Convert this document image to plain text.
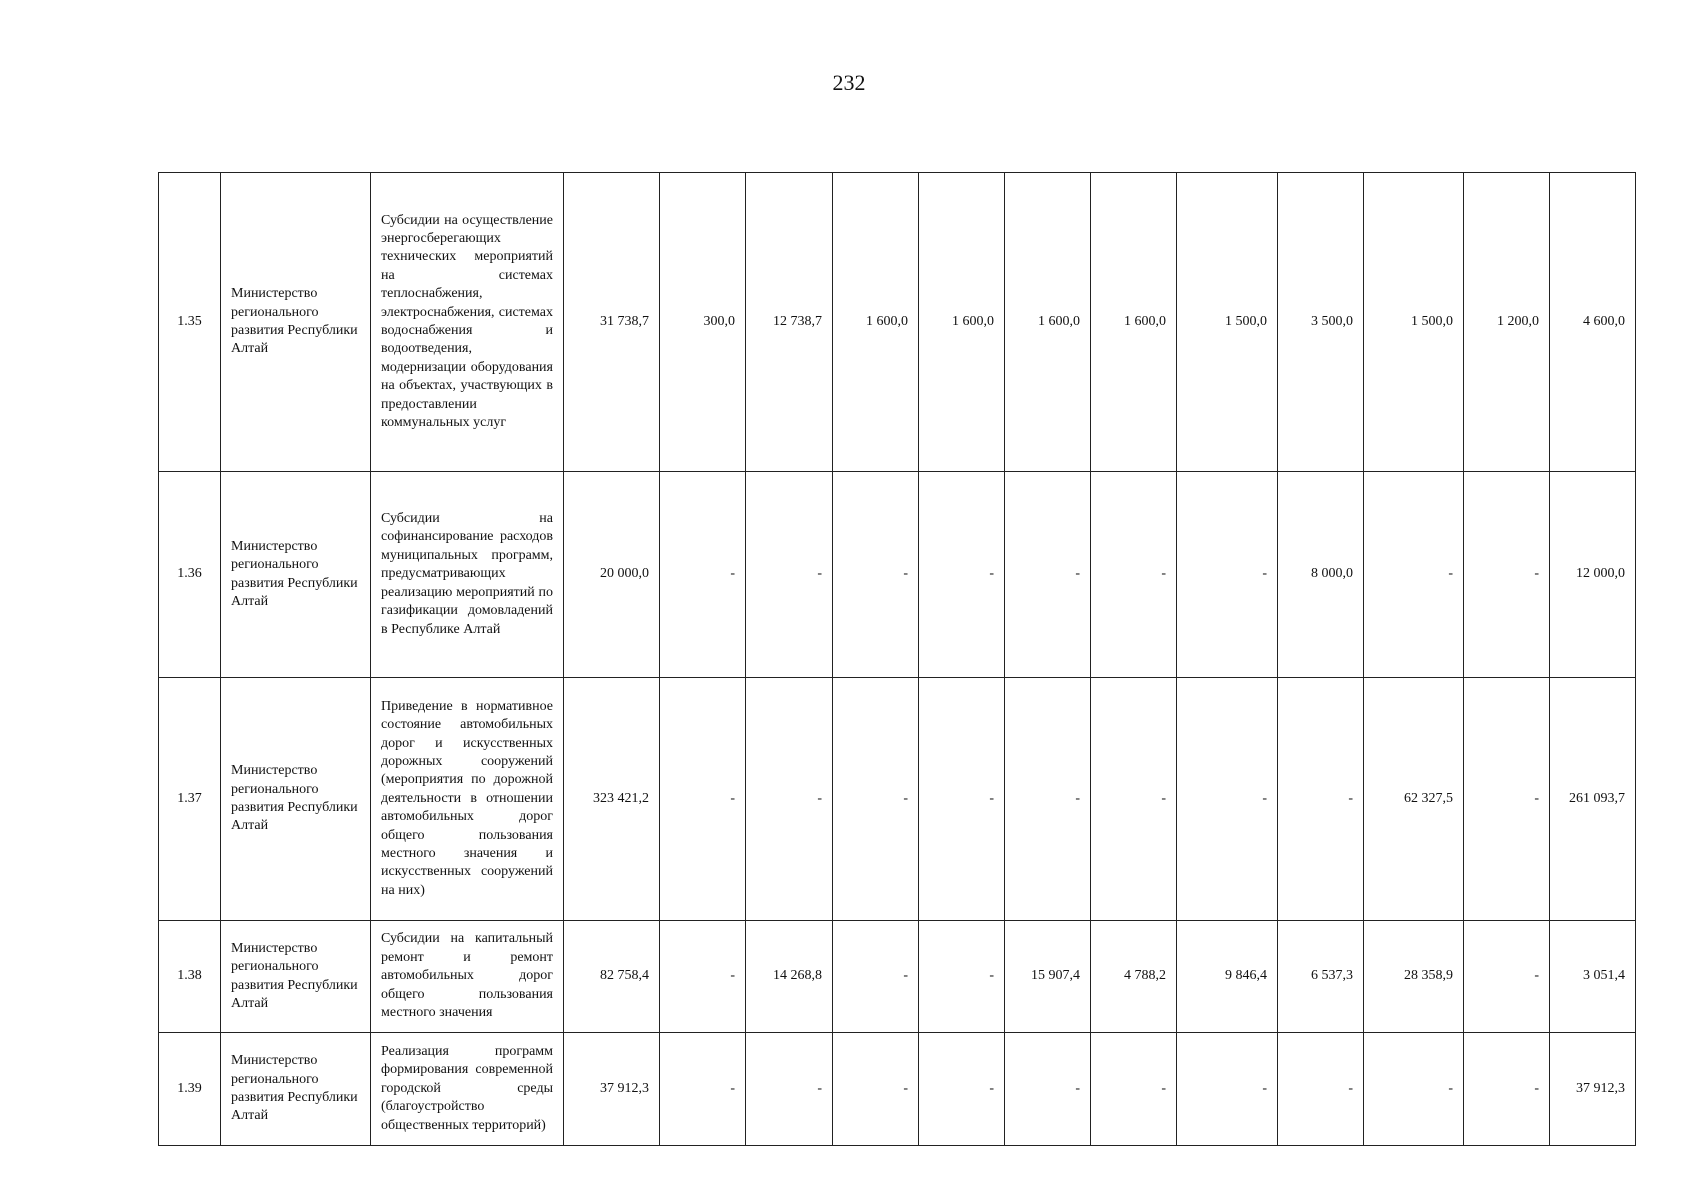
232
1.35	Министерство регионального развития Республики Алтай	Субсидии на осуществление энергосберегающих технических мероприятий на системах теплоснабжения, электроснабжения, системах водоснабжения и водоотведения, модернизации оборудования на объектах, участвующих в предоставлении коммунальных услуг	31 738,7	300,0	12 738,7	1 600,0	1 600,0	1 600,0	1 600,0	1 500,0	3 500,0	1 500,0	1 200,0	4 600,0
1.36	Министерство регионального развития Республики Алтай	Субсидии на софинансирование расходов муниципальных программ, предусматривающих реализацию мероприятий по газификации домовладений в Республике Алтай	20 000,0	-	-	-	-	-	-	-	8 000,0	-	-	12 000,0
1.37	Министерство регионального развития Республики Алтай	Приведение в нормативное состояние автомобильных дорог и искусственных дорожных сооружений (мероприятия по дорожной деятельности в отношении автомобильных дорог общего пользования местного значения и искусственных сооружений на них)	323 421,2	-	-	-	-	-	-	-	-	62 327,5	-	261 093,7
1.38	Министерство регионального развития Республики Алтай	Субсидии на капитальный ремонт и ремонт автомобильных дорог общего пользования местного значения	82 758,4	-	14 268,8	-	-	15 907,4	4 788,2	9 846,4	6 537,3	28 358,9	-	3 051,4
1.39	Министерство регионального развития Республики Алтай	Реализация программ формирования современной городской среды (благоустройство общественных территорий)	37 912,3	-	-	-	-	-	-	-	-	-	-	37 912,3
